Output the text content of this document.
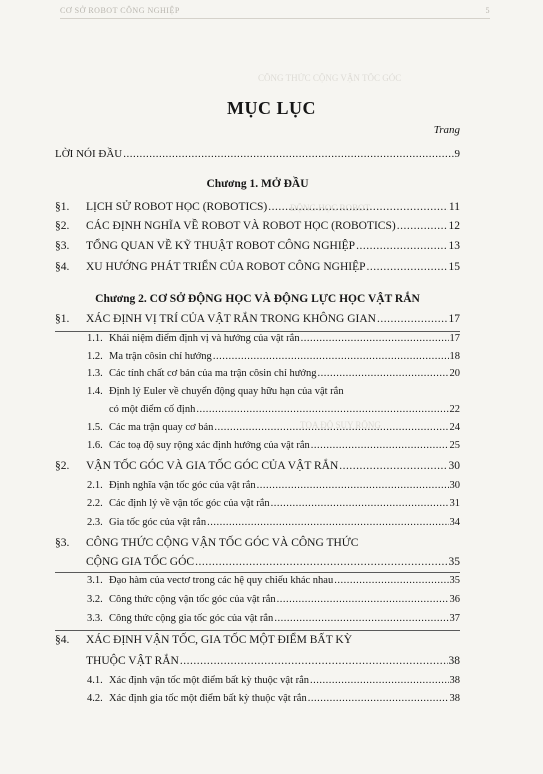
CÔNG THỨC CỘNG VẬN TỐC GÓC
ĐỘNG HỌC ROBOT
TỌA ĐỘ SUY RỘNG
CƠ SỞ ROBOT CÔNG NGHIỆP	5
MỤC LỤC
Trang
LỜI NÓI ĐẦU .....	9
Chương 1. MỞ ĐẦU
§1.	LỊCH SỬ ROBOT HỌC (ROBOTICS) .....	11
§2.	CÁC ĐỊNH NGHĨA VỀ ROBOT VÀ ROBOT HỌC (ROBOTICS) .....	12
§3.	TỔNG QUAN VỀ KỸ THUẬT ROBOT CÔNG NGHIỆP .....	13
§4.	XU HƯỚNG PHÁT TRIỂN CỦA ROBOT CÔNG NGHIỆP .....	15
Chương 2. CƠ SỞ ĐỘNG HỌC VÀ ĐỘNG LỰC HỌC VẬT RẮN
§1.	XÁC ĐỊNH VỊ TRÍ CỦA VẬT RẮN TRONG KHÔNG GIAN .....	17
1.1. Khái niệm điểm định vị và hướng của vật rắn .....	17
1.2. Ma trận côsin chỉ hướng .....	18
1.3. Các tính chất cơ bản của ma trận côsin chỉ hướng .....	20
1.4. Định lý Euler về chuyển động quay hữu hạn của vật rắn
có một điểm cố định .....	22
1.5. Các ma trận quay cơ bản .....	24
1.6. Các toạ độ suy rộng xác định hướng của vật rắn .....	25
§2.	VẬN TỐC GÓC VÀ GIA TỐC GÓC CỦA VẬT RẮN .....	30
2.1. Định nghĩa vận tốc góc của vật rắn .....	30
2.2. Các định lý về vận tốc góc của vật rắn .....	31
2.3. Gia tốc góc của vật rắn .....	34
§3.	CÔNG THỨC CỘNG VẬN TỐC GÓC VÀ CÔNG THỨC
CỘNG GIA TỐC GÓC .....	35
3.1. Đạo hàm của vectơ trong các hệ quy chiếu khác nhau .....	35
3.2. Công thức cộng vận tốc góc của vật rắn .....	36
3.3. Công thức cộng gia tốc góc của vật rắn .....	37
§4.	XÁC ĐỊNH VẬN TỐC, GIA TỐC MỘT ĐIỂM BẤT KỲ
THUỘC VẬT RẮN .....	38
4.1. Xác định vận tốc một điểm bất kỳ thuộc vật rắn .....	38
4.2. Xác định gia tốc một điểm bất kỳ thuộc vật rắn .....	38
